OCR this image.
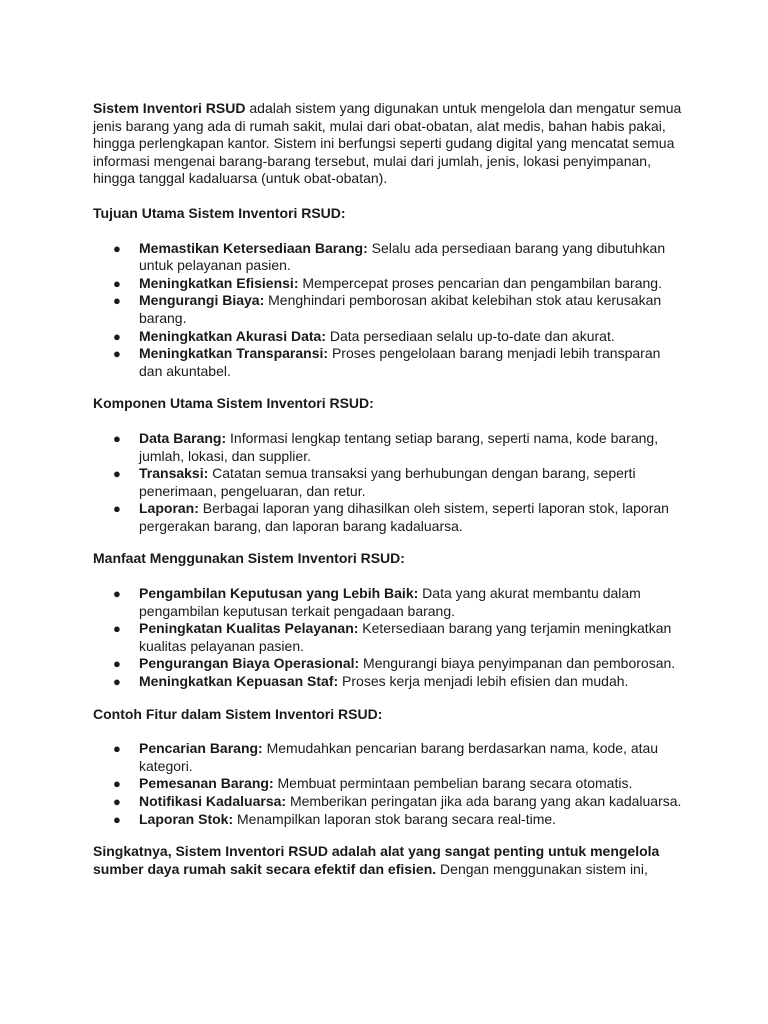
Sistem Inventori RSUD adalah sistem yang digunakan untuk mengelola dan mengatur semua jenis barang yang ada di rumah sakit, mulai dari obat-obatan, alat medis, bahan habis pakai, hingga perlengkapan kantor. Sistem ini berfungsi seperti gudang digital yang mencatat semua informasi mengenai barang-barang tersebut, mulai dari jumlah, jenis, lokasi penyimpanan, hingga tanggal kadaluarsa (untuk obat-obatan).

Tujuan Utama Sistem Inventori RSUD:

● Memastikan Ketersediaan Barang: Selalu ada persediaan barang yang dibutuhkan untuk pelayanan pasien.
● Meningkatkan Efisiensi: Mempercepat proses pencarian dan pengambilan barang.
● Mengurangi Biaya: Menghindari pemborosan akibat kelebihan stok atau kerusakan barang.
● Meningkatkan Akurasi Data: Data persediaan selalu up-to-date dan akurat.
● Meningkatkan Transparansi: Proses pengelolaan barang menjadi lebih transparan dan akuntabel.

Komponen Utama Sistem Inventori RSUD:

● Data Barang: Informasi lengkap tentang setiap barang, seperti nama, kode barang, jumlah, lokasi, dan supplier.
● Transaksi: Catatan semua transaksi yang berhubungan dengan barang, seperti penerimaan, pengeluaran, dan retur.
● Laporan: Berbagai laporan yang dihasilkan oleh sistem, seperti laporan stok, laporan pergerakan barang, dan laporan barang kadaluarsa.

Manfaat Menggunakan Sistem Inventori RSUD:

● Pengambilan Keputusan yang Lebih Baik: Data yang akurat membantu dalam pengambilan keputusan terkait pengadaan barang.
● Peningkatan Kualitas Pelayanan: Ketersediaan barang yang terjamin meningkatkan kualitas pelayanan pasien.
● Pengurangan Biaya Operasional: Mengurangi biaya penyimpanan dan pemborosan.
● Meningkatkan Kepuasan Staf: Proses kerja menjadi lebih efisien dan mudah.

Contoh Fitur dalam Sistem Inventori RSUD:

● Pencarian Barang: Memudahkan pencarian barang berdasarkan nama, kode, atau kategori.
● Pemesanan Barang: Membuat permintaan pembelian barang secara otomatis.
● Notifikasi Kadaluarsa: Memberikan peringatan jika ada barang yang akan kadaluarsa.
● Laporan Stok: Menampilkan laporan stok barang secara real-time.

Singkatnya, Sistem Inventori RSUD adalah alat yang sangat penting untuk mengelola sumber daya rumah sakit secara efektif dan efisien. Dengan menggunakan sistem ini,
